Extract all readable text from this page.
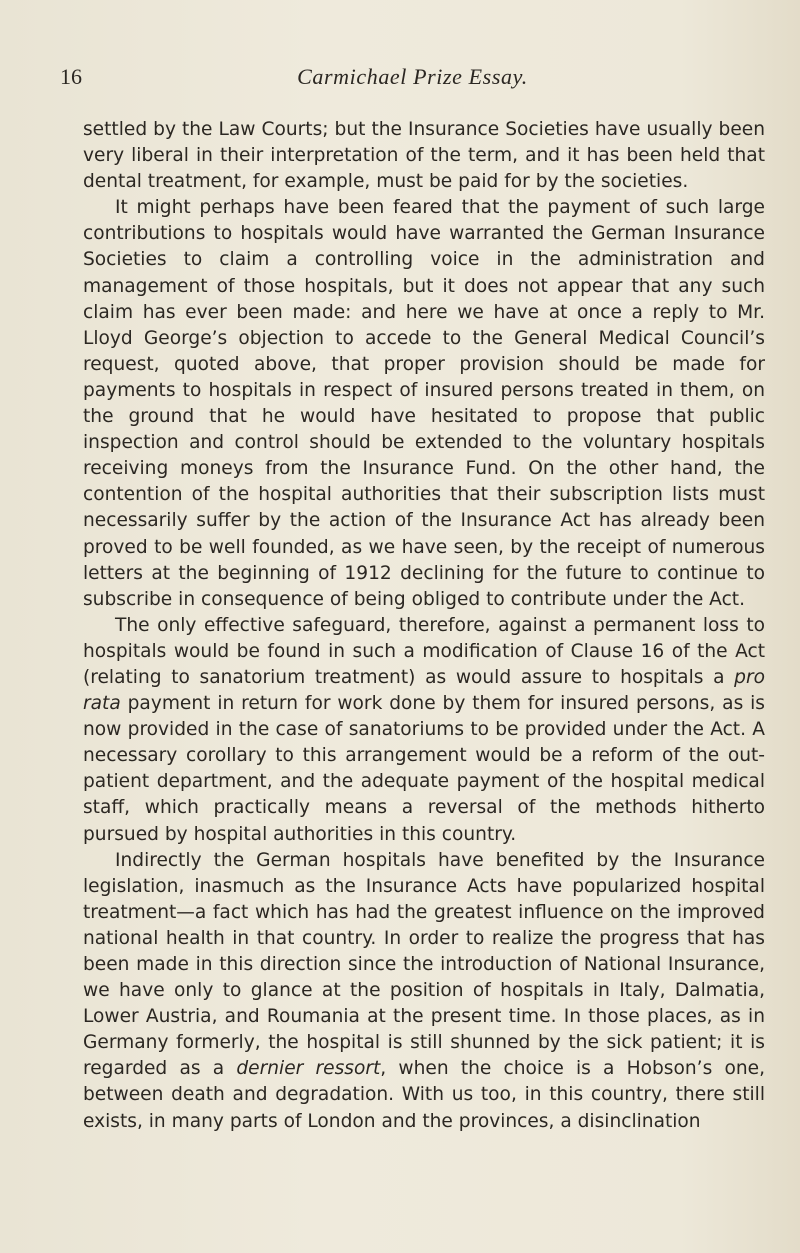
16	Carmichael Prize Essay.

settled by the Law Courts; but the Insurance Societies have usually been very liberal in their interpretation of the term, and it has been held that dental treatment, for example, must be paid for by the societies.

It might perhaps have been feared that the payment of such large contributions to hospitals would have warranted the German Insurance Societies to claim a controlling voice in the administration and management of those hospitals, but it does not appear that any such claim has ever been made: and here we have at once a reply to Mr. Lloyd George’s objection to accede to the General Medical Council’s request, quoted above, that proper provision should be made for payments to hospitals in respect of insured persons treated in them, on the ground that he would have hesitated to propose that public inspection and control should be extended to the voluntary hospitals receiving moneys from the Insurance Fund. On the other hand, the contention of the hospital authorities that their subscription lists must necessarily suffer by the action of the Insurance Act has already been proved to be well founded, as we have seen, by the receipt of numerous letters at the beginning of 1912 declining for the future to continue to subscribe in consequence of being obliged to contribute under the Act.

The only effective safeguard, therefore, against a permanent loss to hospitals would be found in such a modification of Clause 16 of the Act (relating to sanatorium treatment) as would assure to hospitals a pro rata payment in return for work done by them for insured persons, as is now provided in the case of sanatoriums to be provided under the Act. A necessary corollary to this arrangement would be a reform of the out-patient department, and the adequate payment of the hospital medical staff, which practically means a reversal of the methods hitherto pursued by hospital authorities in this country.

Indirectly the German hospitals have benefited by the Insurance legislation, inasmuch as the Insurance Acts have popularized hospital treatment—a fact which has had the greatest influence on the improved national health in that country. In order to realize the progress that has been made in this direction since the introduction of National Insurance, we have only to glance at the position of hospitals in Italy, Dalmatia, Lower Austria, and Roumania at the present time. In those places, as in Germany formerly, the hospital is still shunned by the sick patient; it is regarded as a dernier ressort, when the choice is a Hobson’s one, between death and degradation. With us too, in this country, there still exists, in many parts of London and the provinces, a disinclination
